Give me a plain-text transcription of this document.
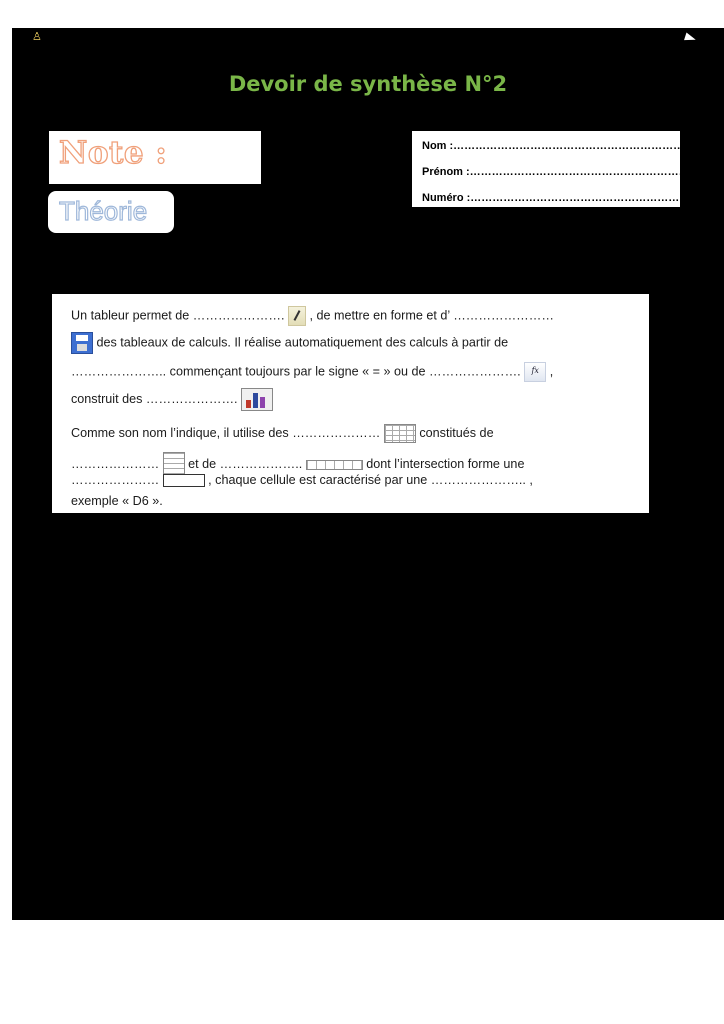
♙
Devoir de synthèse N°2
Note :
Théorie
Nom :…………………………………………………………
Prénom :……………………………………………………
Numéro :……………………………………………………
Un tableur permet de …………………. , de mettre en forme et d’ ……………………
des tableaux de calculs. Il réalise automatiquement des calculs à partir de
………………….. commençant toujours par le signe « = » ou de …………………. fx ,
construit des ………………….
Comme son nom l’indique, il utilise des …………………	constitués de
………………… et de ………………..	dont l’intersection forme une
…………………	, chaque cellule est caractérisé par une ………………….. ,
exemple « D6 ».
